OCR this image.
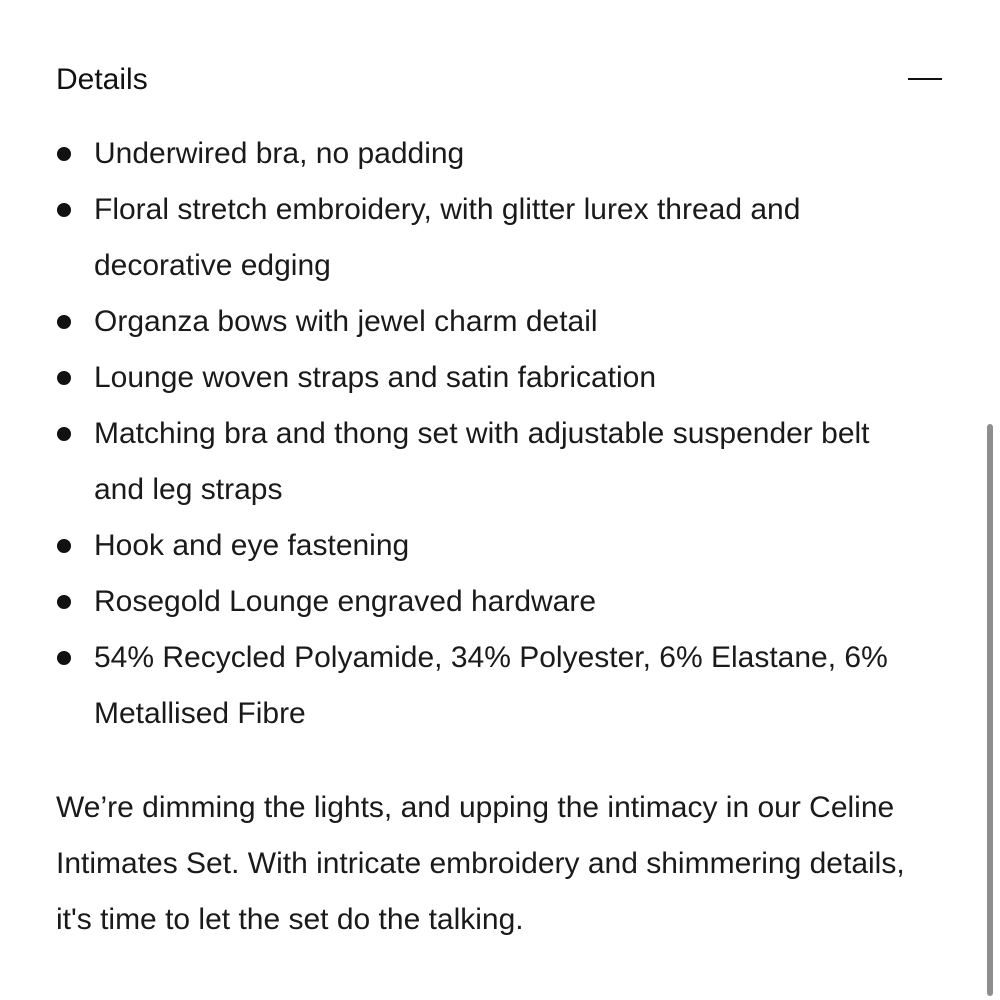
Details
Underwired bra, no padding
Floral stretch embroidery, with glitter lurex thread and decorative edging
Organza bows with jewel charm detail
Lounge woven straps and satin fabrication
Matching bra and thong set with adjustable suspender belt and leg straps
Hook and eye fastening
Rosegold Lounge engraved hardware
54% Recycled Polyamide, 34% Polyester, 6% Elastane, 6% Metallised Fibre

We’re dimming the lights, and upping the intimacy in our Celine Intimates Set. With intricate embroidery and shimmering details, it's time to let the set do the talking.
